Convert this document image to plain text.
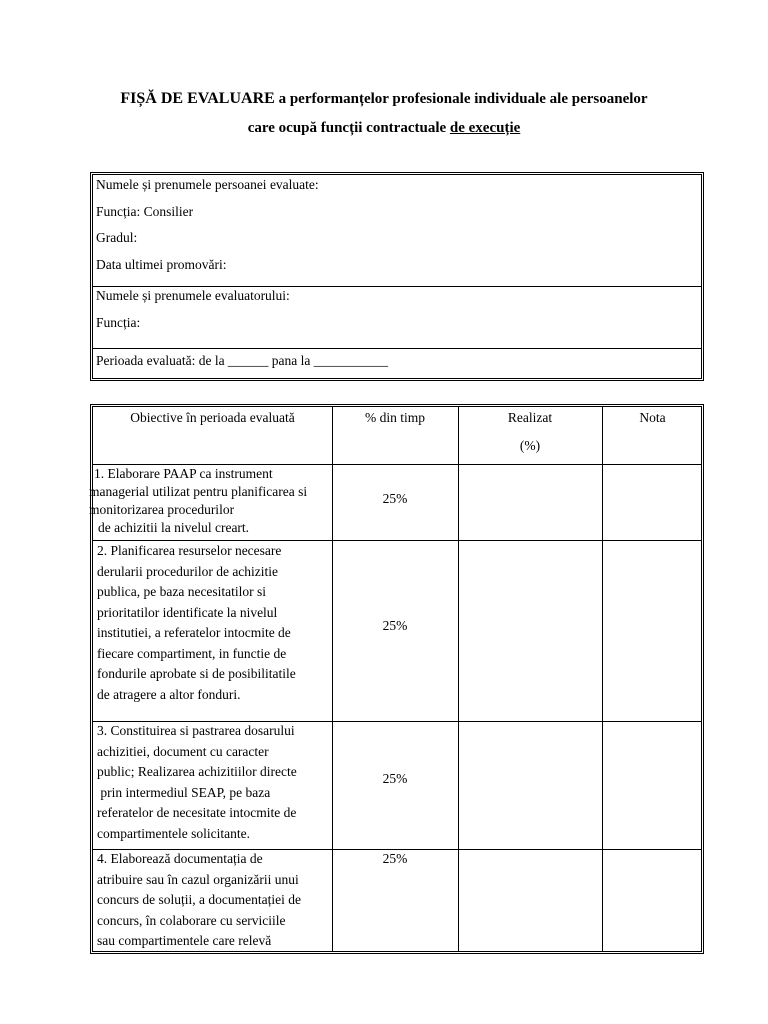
FIȘĂ DE EVALUARE a performanțelor profesionale individuale ale persoanelor
care ocupă funcții contractuale de execuție
Numele și prenumele persoanei evaluate:
Funcția: Consilier
Gradul:
Data ultimei promovări:
Numele și prenumele evaluatorului:
Funcția:
Perioada evaluată: de la ______ pana la ___________
Obiective în perioada evaluată	% din timp	Realizat
(%)
Nota
1. Elaborare PAAP ca instrument
managerial utilizat pentru planificarea si
monitorizarea procedurilor
de achizitii la nivelul creart.
25%
2. Planificarea resurselor necesare
derularii procedurilor de achizitie
publica, pe baza necesitatilor si
prioritatilor identificate la nivelul
institutiei, a referatelor intocmite de
fiecare compartiment, in functie de
fondurile aprobate si de posibilitatile
de atragere a altor fonduri.
25%
3. Constituirea si pastrarea dosarului
achizitiei, document cu caracter
public; Realizarea achizitiilor directe
prin intermediul SEAP, pe baza
referatelor de necesitate intocmite de
compartimentele solicitante.
25%
4. Elaborează documentația de
atribuire sau în cazul organizării unui
concurs de soluții, a documentației de
concurs, în colaborare cu serviciile
sau compartimentele care relevă
25%
